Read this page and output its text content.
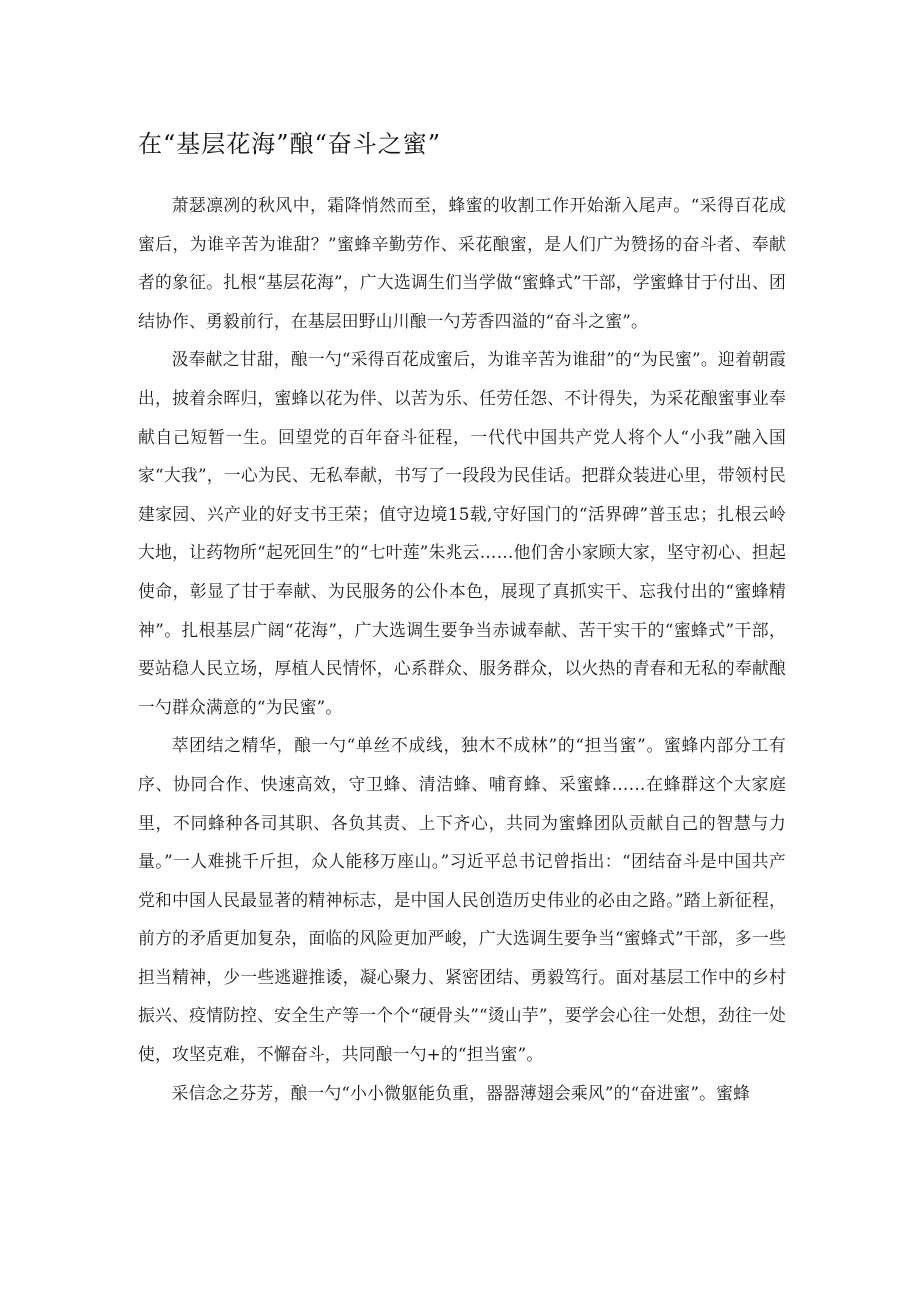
在“基层花海”酿“奋斗之蜜”

萧瑟凛冽的秋风中，霜降悄然而至，蜂蜜的收割工作开始渐入尾声。“采得百花成蜜后，为谁辛苦为谁甜？”蜜蜂辛勤劳作、采花酿蜜，是人们广为赞扬的奋斗者、奉献者的象征。扎根“基层花海”，广大选调生们当学做“蜜蜂式”干部，学蜜蜂甘于付出、团结协作、勇毅前行，在基层田野山川酿一勺芳香四溢的“奋斗之蜜”。

汲奉献之甘甜，酿一勺“采得百花成蜜后，为谁辛苦为谁甜”的“为民蜜”。迎着朝霞出，披着余晖归，蜜蜂以花为伴、以苦为乐、任劳任怨、不计得失，为采花酿蜜事业奉献自己短暂一生。回望党的百年奋斗征程，一代代中国共产党人将个人“小我”融入国家“大我”，一心为民、无私奉献，书写了一段段为民佳话。把群众装进心里，带领村民建家园、兴产业的好支书王荣；值守边境15载,守好国门的“活界碑”普玉忠；扎根云岭大地，让药物所“起死回生”的“七叶莲”朱兆云……他们舍小家顾大家，坚守初心、担起使命，彰显了甘于奉献、为民服务的公仆本色，展现了真抓实干、忘我付出的“蜜蜂精神”。扎根基层广阔“花海”，广大选调生要争当赤诚奉献、苦干实干的“蜜蜂式”干部，要站稳人民立场，厚植人民情怀，心系群众、服务群众，以火热的青春和无私的奉献酿一勺群众满意的“为民蜜”。

萃团结之精华，酿一勺“单丝不成线，独木不成林”的“担当蜜”。蜜蜂内部分工有序、协同合作、快速高效，守卫蜂、清洁蜂、哺育蜂、采蜜蜂……在蜂群这个大家庭里，不同蜂种各司其职、各负其责、上下齐心，共同为蜜蜂团队贡献自己的智慧与力量。”一人难挑千斤担，众人能移万座山。”习近平总书记曾指出：“团结奋斗是中国共产党和中国人民最显著的精神标志，是中国人民创造历史伟业的必由之路。”踏上新征程，前方的矛盾更加复杂，面临的风险更加严峻，广大选调生要争当“蜜蜂式”干部，多一些担当精神，少一些逃避推诿，凝心聚力、紧密团结、勇毅笃行。面对基层工作中的乡村振兴、疫情防控、安全生产等一个个“硬骨头”“烫山芋”，要学会心往一处想，劲往一处使，攻坚克难，不懈奋斗，共同酿一勺+的“担当蜜”。

采信念之芬芳，酿一勺“小小微躯能负重，器器薄翅会乘风”的“奋进蜜”。蜜蜂
